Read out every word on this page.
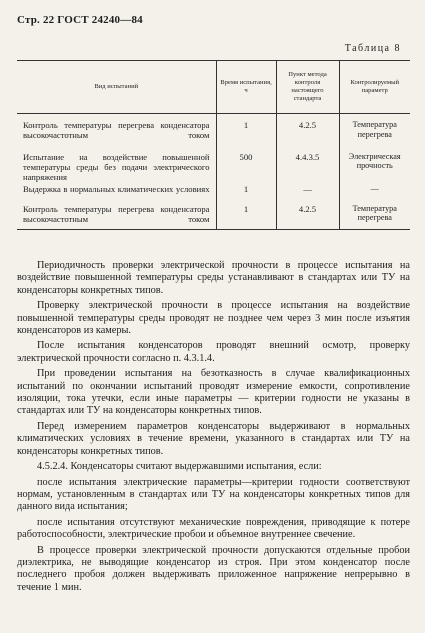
Стр. 22 ГОСТ 24240—84
Таблица 8
Вид испытаний	Время испытания, ч	Пункт метода контроля настоящего стандарта	Контролируемый параметр
Контроль температуры перегрева конденсатора высокочастотным током	1	4.2.5	Температура перегрева
Испытание на воздействие повышенной температуры среды без подачи электрического напряжения	500	4.4.3.5	Электрическая прочность
Выдержка в нормальных климатических условиях	1	—	—
Контроль температуры перегрева конденсатора высокочастотным током	1	4.2.5	Температура перегрева

Периодичность проверки электрической прочности в процессе испытания на воздействие повышенной температуры среды устанавливают в стандартах или ТУ на конденсаторы конкретных типов.

Проверку электрической прочности в процессе испытания на воздействие повышенной температуры среды проводят не позднее чем через 3 мин после изъятия конденсаторов из камеры.

После испытания конденсаторов проводят внешний осмотр, проверку электрической прочности согласно п. 4.3.1.4.

При проведении испытания на безотказность в случае квалификационных испытаний по окончании испытаний проводят измерение емкости, сопротивление изоляции, тока утечки, если иные параметры — критерии годности не указаны в стандартах или ТУ на конденсаторы конкретных типов.

Перед измерением параметров конденсаторы выдерживают в нормальных климатических условиях в течение времени, указанного в стандартах или ТУ на конденсаторы конкретных типов.

4.5.2.4. Конденсаторы считают выдержавшими испытания, если:

после испытания электрические параметры—критерии годности соответствуют нормам, установленным в стандартах или ТУ на конденсаторы конкретных типов для данного вида испытания;

после испытания отсутствуют механические повреждения, приводящие к потере работоспособности, электрические пробои и объемное внутреннее свечение.

В процессе проверки электрической прочности допускаются отдельные пробои диэлектрика, не выводящие конденсатор из строя. При этом конденсатор после последнего пробоя должен выдерживать приложенное напряжение непрерывно в течение 1 мин.
